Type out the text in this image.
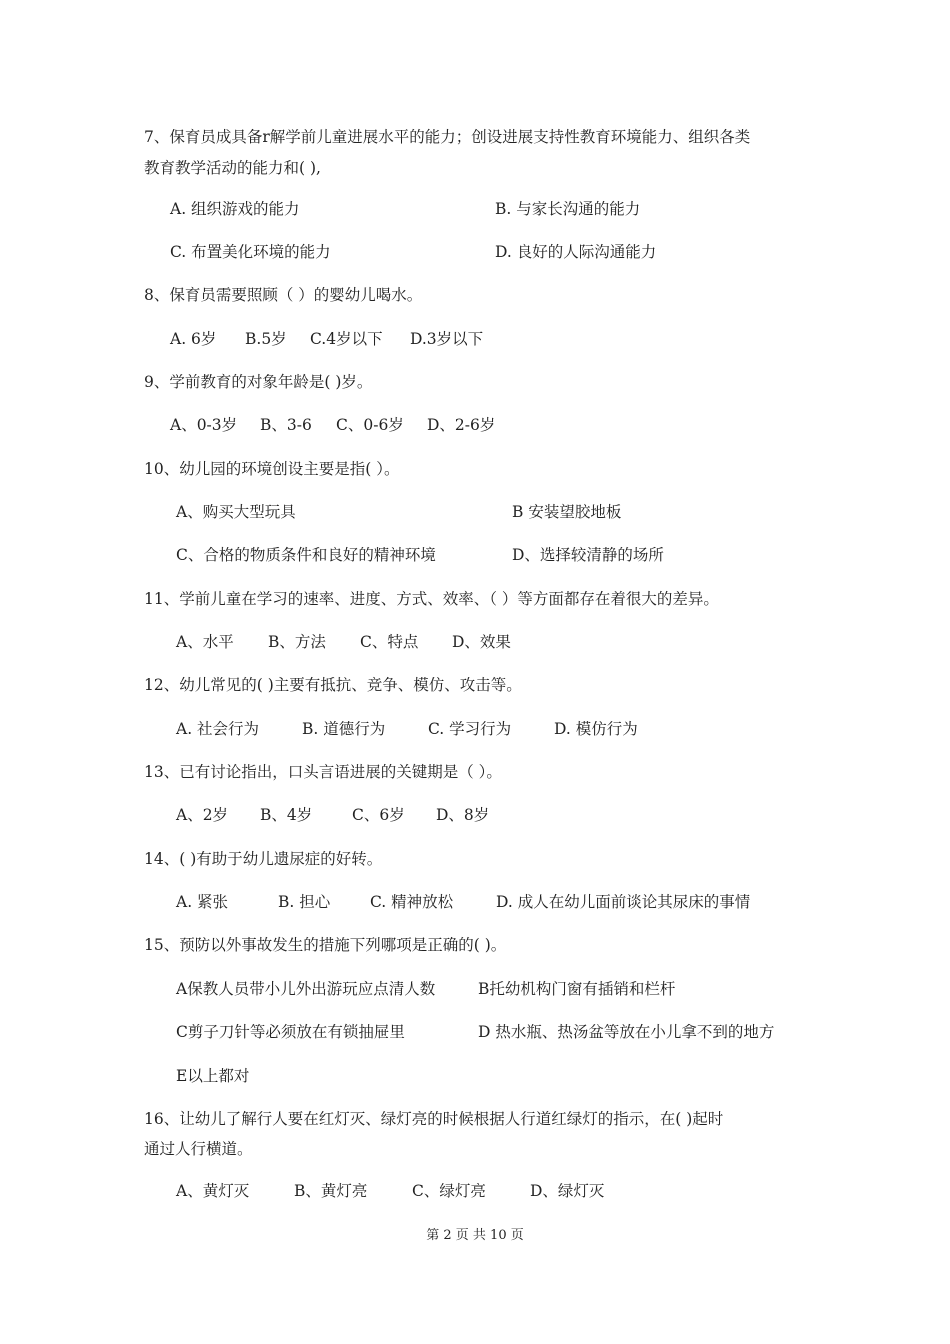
7、保育员成具备r解学前儿童进展水平的能力；创设进展支持性教育环境能力、组织各类
教育教学活动的能力和( ),
A. 组织游戏的能力	B. 与家长沟通的能力
C. 布置美化环境的能力	D. 良好的人际沟通能力
8、保育员需要照顾（ ）的婴幼儿喝水。
A. 6岁 B.5岁 C.4岁以下 D.3岁以下
9、学前教育的对象年龄是( )岁。
A、0-3岁 B、3-6 C、0-6岁 D、2-6岁
10、幼儿园的环境创设主要是指( ）。
A、购买大型玩具	B 安装望胶地板
C、合格的物质条件和良好的精神环境	D、选择较清静的场所
11、学前儿童在学习的速率、进度、方式、效率、（ ）等方面都存在着很大的差异。
A、水平 B、方法 C、特点 D、效果
12、幼儿常见的( )主要有抵抗、竞争、模仿、攻击等。
A. 社会行为	B. 道德行为	C. 学习行为	D. 模仿行为
13、已有讨论指出，口头言语进展的关键期是（ ）。
A、2岁 B、4岁	C、6岁 D、8岁
14、( )有助于幼儿遗尿症的好转。
A. 紧张	B. 担心	C. 精神放松	D. 成人在幼儿面前谈论其尿床的事情
15、预防以外事故发生的措施下列哪项是正确的( )。
A保教人员带小儿外出游玩应点清人数	B托幼机构门窗有插销和栏杆
C剪子刀针等必须放在有锁抽屉里	D 热水瓶、热汤盆等放在小儿拿不到的地方
E以上都对
16、让幼儿了解行人要在红灯灭、绿灯亮的时候根据人行道红绿灯的指示，在( )起时
通过人行横道。
A、黄灯灭	B、黄灯亮	C、绿灯亮	D、绿灯灭
第 2 页 共 10 页
